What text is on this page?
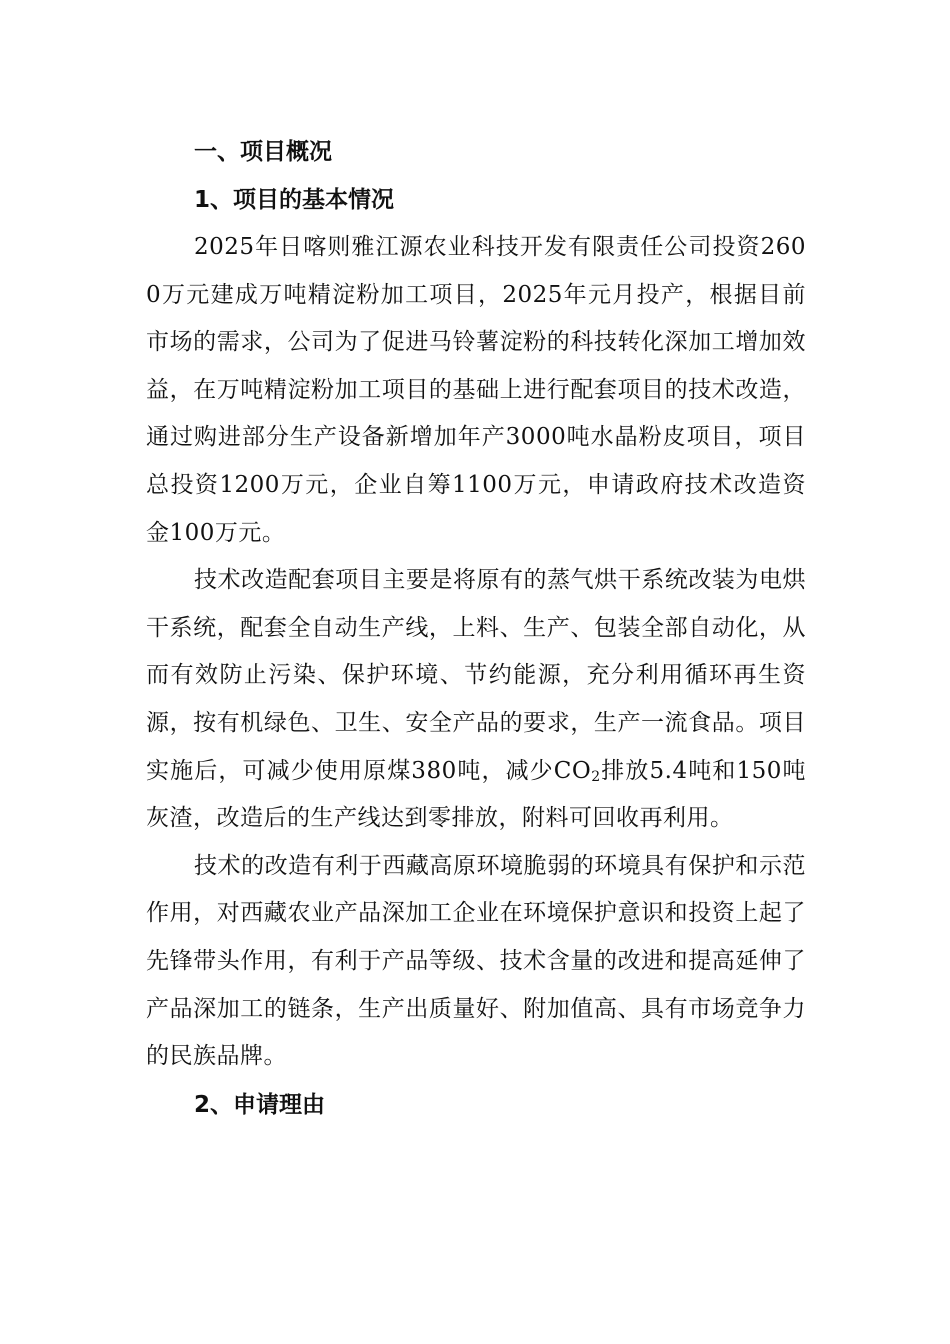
一、项目概况
1、项目的基本情况

2025年日喀则雅江源农业科技开发有限责任公司投资2600万元建成万吨精淀粉加工项目，2025年元月投产，根据目前市场的需求，公司为了促进马铃薯淀粉的科技转化深加工增加效益，在万吨精淀粉加工项目的基础上进行配套项目的技术改造，通过购进部分生产设备新增加年产3000吨水晶粉皮项目，项目总投资1200万元，企业自筹1100万元，申请政府技术改造资金100万元。

技术改造配套项目主要是将原有的蒸气烘干系统改装为电烘干系统，配套全自动生产线，上料、生产、包装全部自动化，从而有效防止污染、保护环境、节约能源，充分利用循环再生资源，按有机绿色、卫生、安全产品的要求，生产一流食品。项目实施后，可减少使用原煤380吨，减少$CO_2$排放5.4吨和150吨灰渣，改造后的生产线达到零排放，附料可回收再利用。

技术的改造有利于西藏高原环境脆弱的环境具有保护和示范作用，对西藏农业产品深加工企业在环境保护意识和投资上起了先锋带头作用，有利于产品等级、技术含量的改进和提高延伸了产品深加工的链条，生产出质量好、附加值高、具有市场竞争力的民族品牌。

2、申请理由
